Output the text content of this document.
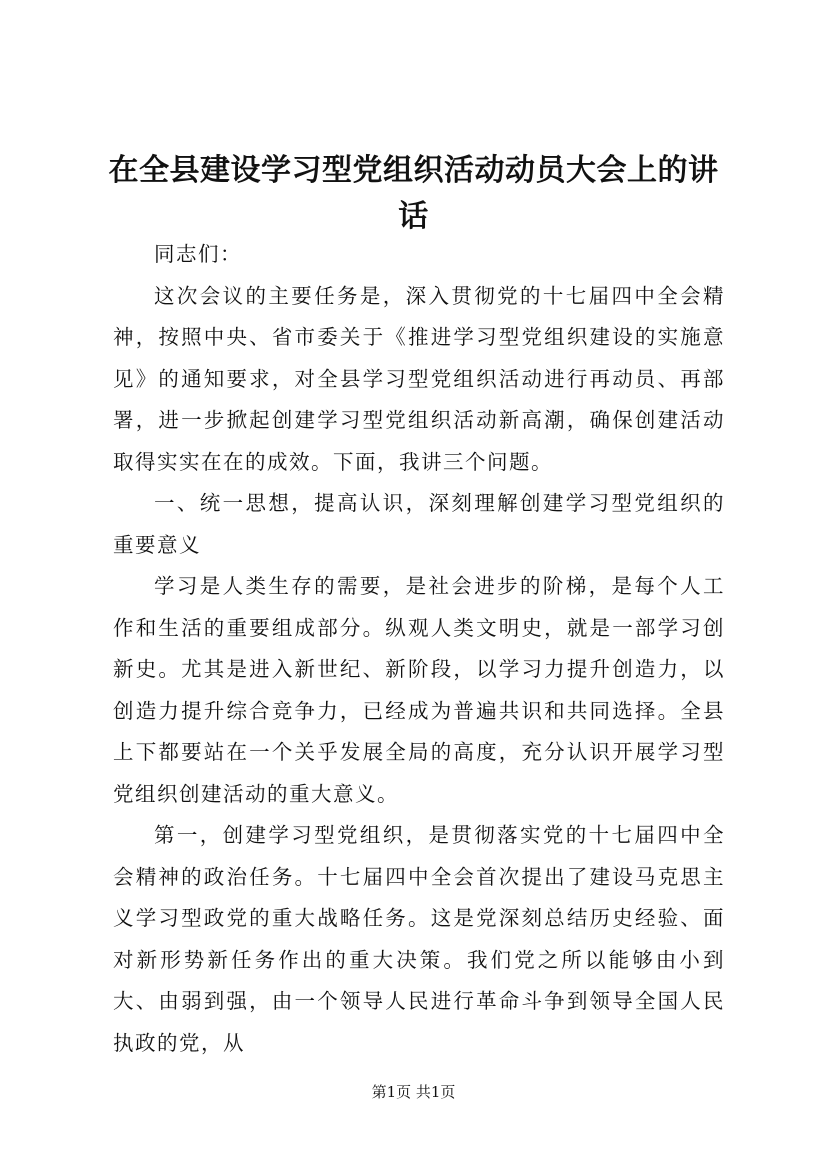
在全县建设学习型党组织活动动员大会上的讲话

同志们：

这次会议的主要任务是，深入贯彻党的十七届四中全会精神，按照中央、省市委关于《推进学习型党组织建设的实施意见》的通知要求，对全县学习型党组织活动进行再动员、再部署，进一步掀起创建学习型党组织活动新高潮，确保创建活动取得实实在在的成效。下面，我讲三个问题。

一、统一思想，提高认识，深刻理解创建学习型党组织的重要意义

学习是人类生存的需要，是社会进步的阶梯，是每个人工作和生活的重要组成部分。纵观人类文明史，就是一部学习创新史。尤其是进入新世纪、新阶段，以学习力提升创造力，以创造力提升综合竞争力，已经成为普遍共识和共同选择。全县上下都要站在一个关乎发展全局的高度，充分认识开展学习型党组织创建活动的重大意义。

第一，创建学习型党组织，是贯彻落实党的十七届四中全会精神的政治任务。十七届四中全会首次提出了建设马克思主义学习型政党的重大战略任务。这是党深刻总结历史经验、面对新形势新任务作出的重大决策。我们党之所以能够由小到大、由弱到强，由一个领导人民进行革命斗争到领导全国人民执政的党，从

第1页 共1页
